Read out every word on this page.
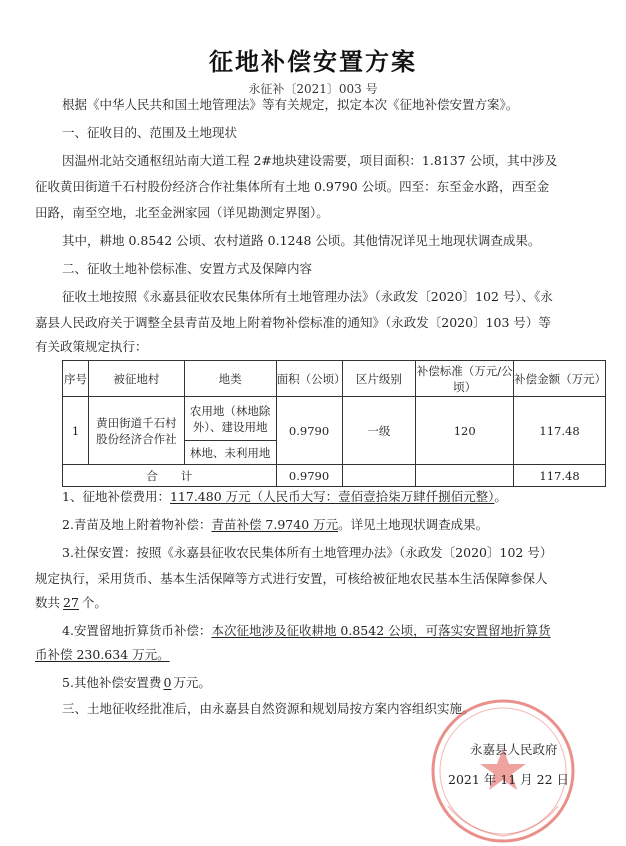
征地补偿安置方案
永征补〔2021〕003 号
根据《中华人民共和国土地管理法》等有关规定，拟定本次《征地补偿安置方案》。
一、征收目的、范围及土地现状
因温州北站交通枢纽站南大道工程 2#地块建设需要，项目面积：1.8137 公顷，其中涉及
征收黄田街道千石村股份经济合作社集体所有土地 0.9790 公顷。四至：东至金水路，西至金
田路，南至空地，北至金洲家园（详见勘测定界图）。
其中，耕地 0.8542 公顷、农村道路 0.1248 公顷。其他情况详见土地现状调查成果。
二、征收土地补偿标准、安置方式及保障内容
征收土地按照《永嘉县征收农民集体所有土地管理办法》（永政发〔2020〕102 号）、《永
嘉县人民政府关于调整全县青苗及地上附着物补偿标准的通知》（永政发〔2020〕103 号）等
有关政策规定执行：
序号	被征地村	地类	面积（公顷）	区片级别	补偿标准（万元/公顷）	补偿金额（万元）
1	黄田街道千石村股份经济合作社	农用地（林地除外）、建设用地	0.9790	一级	120	117.48
		林地、未利用地				
合　　计			0.9790			117.48
1、征地补偿费用：117.480 万元（人民币大写：壹佰壹拾柒万肆仟捌佰元整）。
2.青苗及地上附着物补偿：青苗补偿 7.9740 万元。详见土地现状调查成果。
3.社保安置：按照《永嘉县征收农民集体所有土地管理办法》（永政发〔2020〕102 号）
规定执行，采用货币、基本生活保障等方式进行安置，可核给被征地农民基本生活保障参保人
数共 27 个。
4.安置留地折算货币补偿：本次征地涉及征收耕地 0.8542 公顷，可落实安置留地折算货
币补偿 230.634 万元。
5.其他补偿安置费 0 万元。
三、土地征收经批准后，由永嘉县自然资源和规划局按方案内容组织实施。
永嘉县人民政府
2021 年 11 月 22 日
